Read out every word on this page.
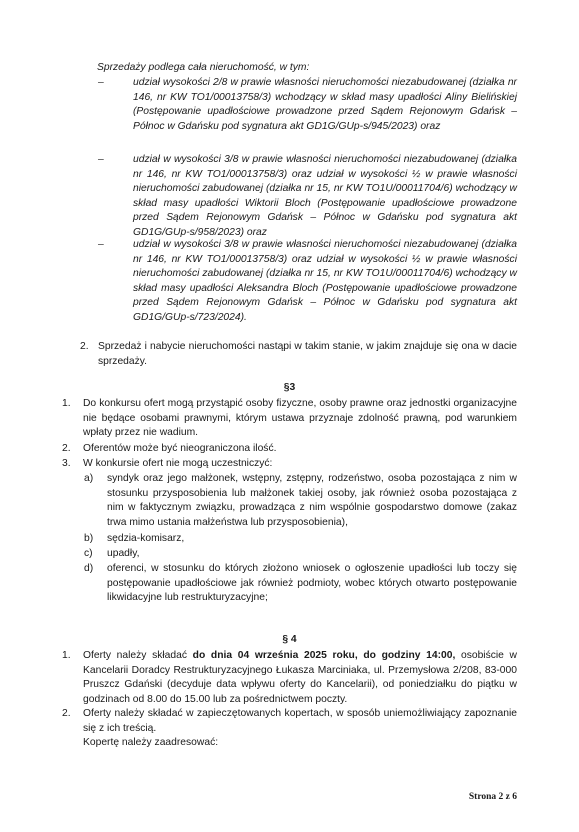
Sprzedaży podlega cała nieruchomość, w tym:
–	udział wysokości 2/8 w prawie własności nieruchomości niezabudowanej (działka nr 146, nr KW TO1/00013758/3) wchodzący w skład masy upadłości Aliny Bielińskiej (Postępowanie upadłościowe prowadzone przed Sądem Rejonowym Gdańsk – Północ w Gdańsku pod sygnatura akt GD1G/GUp-s/945/2023) oraz
–	udział w wysokości 3/8 w prawie własności nieruchomości niezabudowanej (działka nr 146, nr KW TO1/00013758/3) oraz udział w wysokości ½ w prawie własności nieruchomości zabudowanej (działka nr 15, nr KW TO1U/00011704/6) wchodzący w skład masy upadłości Wiktorii Bloch (Postępowanie upadłościowe prowadzone przed Sądem Rejonowym Gdańsk – Północ w Gdańsku pod sygnatura akt GD1G/GUp-s/958/2023) oraz
–	udział w wysokości 3/8 w prawie własności nieruchomości niezabudowanej (działka nr 146, nr KW TO1/00013758/3) oraz udział w wysokości ½ w prawie własności nieruchomości zabudowanej (działka nr 15, nr KW TO1U/00011704/6) wchodzący w skład masy upadłości Aleksandra Bloch (Postępowanie upadłościowe prowadzone przed Sądem Rejonowym Gdańsk – Północ w Gdańsku pod sygnatura akt GD1G/GUp-s/723/2024).
2. Sprzedaż i nabycie nieruchomości nastąpi w takim stanie, w jakim znajduje się ona w dacie sprzedaży.
§3
1. Do konkursu ofert mogą przystąpić osoby fizyczne, osoby prawne oraz jednostki organizacyjne nie będące osobami prawnymi, którym ustawa przyznaje zdolność prawną, pod warunkiem wpłaty przez nie wadium.
2. Oferentów może być nieograniczona ilość.
3. W konkursie ofert nie mogą uczestniczyć:
a) syndyk oraz jego małżonek, wstępny, zstępny, rodzeństwo, osoba pozostająca z nim w stosunku przysposobienia lub małżonek takiej osoby, jak również osoba pozostająca z nim w faktycznym związku, prowadząca z nim wspólnie gospodarstwo domowe (zakaz trwa mimo ustania małżeństwa lub przysposobienia),
b) sędzia-komisarz,
c) upadły,
d) oferenci, w stosunku do których złożono wniosek o ogłoszenie upadłości lub toczy się postępowanie upadłościowe jak również podmioty, wobec których otwarto postępowanie likwidacyjne lub restrukturyzacyjne;
§ 4
1. Oferty należy składać do dnia 04 września 2025 roku, do godziny 14:00, osobiście w Kancelarii Doradcy Restrukturyzacyjnego Łukasza Marciniaka, ul. Przemysłowa 2/208, 83-000 Pruszcz Gdański (decyduje data wpływu oferty do Kancelarii), od poniedziałku do piątku w godzinach od 8.00 do 15.00 lub za pośrednictwem poczty.
2. Oferty należy składać w zapieczętowanych kopertach, w sposób uniemożliwiający zapoznanie się z ich treścią.
Kopertę należy zaadresować:
Strona 2 z 6
